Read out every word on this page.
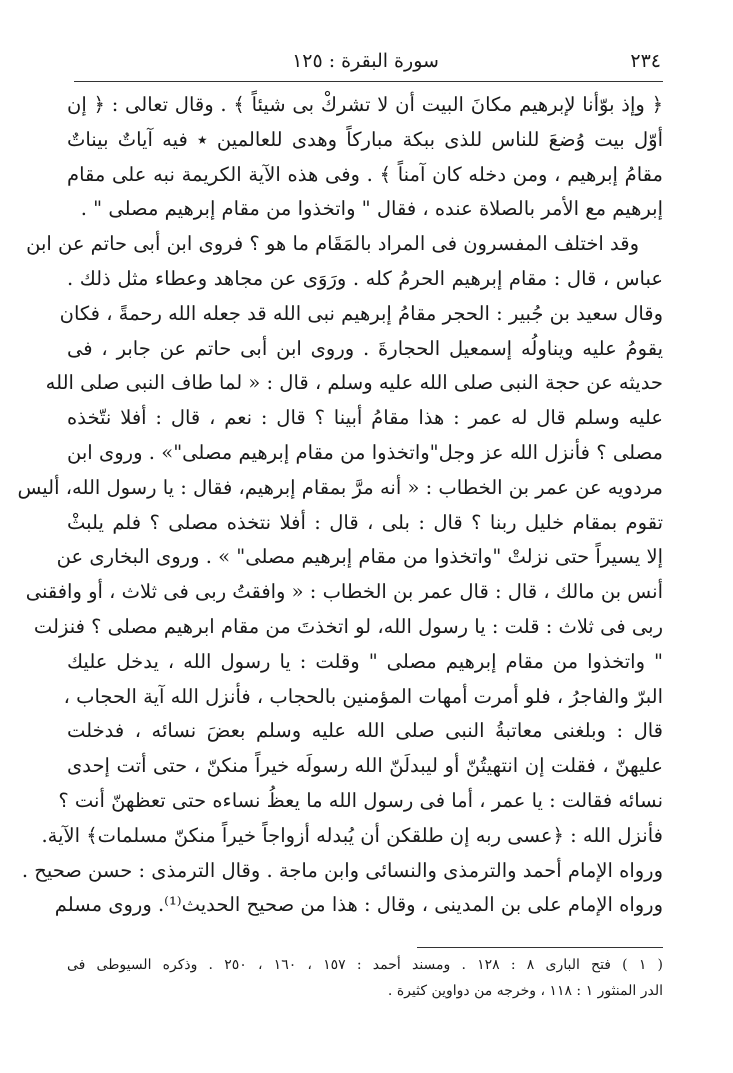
٢٣٤
سورة البقرة : ١٢٥
﴿ وإذ بوّأنا لإبرهيم مكانَ البيت أن لا تشركْ بى شيئاً ﴾ . وقال تعالى : ﴿ إن
أوّل بيت وُضعَ للناس للذى ببكة مباركاً وهدى للعالمين ٭ فيه آياتٌ بيناتٌ
مقامُ إبرهيم ، ومن دخله كان آمناً ﴾ . وفى هذه الآية الكريمة نبه على مقام
إبرهيم مع الأمر بالصلاة عنده ، فقال " واتخذوا من مقام إبرهيم مصلى " .
وقد اختلف المفسرون فى المراد بالمَقَام ما هو ؟ فروى ابن أبى حاتم عن ابن
عباس ، قال : مقام إبرهيم الحرمُ كله . ورَوَى عن مجاهد وعطاء مثل ذلك .
وقال سعيد بن جُبير : الحجر مقامُ إبرهيم نبى الله قد جعله الله رحمةً ، فكان
يقومُ عليه ويناولُه إسمعيل الحجارةَ . وروى ابن أبى حاتم عن جابر ، فى
حديثه عن حجة النبى صلى الله عليه وسلم ، قال : « لما طاف النبى صلى الله
عليه وسلم قال له عمر : هذا مقامُ أبينا ؟ قال : نعم ، قال : أفلا نتّخذه
مصلى ؟ فأنزل الله عز وجل"واتخذوا من مقام إبرهيم مصلى"» . وروى ابن
مردويه عن عمر بن الخطاب : « أنه مرَّ بمقام إبرهيم، فقال : يا رسول الله، أليس
تقوم بمقام خليل ربنا ؟ قال : بلى ، قال : أفلا نتخذه مصلى ؟ فلم يلبثْ
إلا يسيراً حتى نزلتْ "واتخذوا من مقام إبرهيم مصلى" » . وروى البخارى عن
أنس بن مالك ، قال : قال عمر بن الخطاب : « وافقتُ ربى فى ثلاث ، أو وافقنى
ربى فى ثلاث : قلت : يا رسول الله، لو اتخذتَ من مقام ابرهيم مصلى ؟ فنزلت
" واتخذوا من مقام إبرهيم مصلى " وقلت : يا رسول الله ، يدخل عليك
البرّ والفاجرُ ، فلو أمرت أمهات المؤمنين بالحجاب ، فأنزل الله آية الحجاب ،
قال : وبلغنى معاتبةُ النبى صلى الله عليه وسلم بعضَ نسائه ، فدخلت
عليهنّ ، فقلت إن انتهيتُنّ أو ليبدلَنّ الله رسولَه خيراً منكنّ ، حتى أتت إحدى
نسائه فقالت : يا عمر ، أما فى رسول الله ما يعظُ نساءه حتى تعظهنّ أنت ؟
فأنزل الله : ﴿عسى ربه إن طلقكن أن يُبدله أزواجاً خيراً منكنّ مسلمات﴾ الآية.
ورواه الإمام أحمد والترمذى والنسائى وابن ماجة . وقال الترمذى : حسن صحيح .
ورواه الإمام على بن المدينى ، وقال : هذا من صحيح الحديث⁽¹⁾. وروى مسلم
( ١ ) فتح البارى ٨ : ١٢٨ . ومسند أحمد : ١٥٧ ، ١٦٠ ، ٢٥٠ . وذكره السيوطى فى
الدر المنثور ١ : ١١٨ ، وخرجه من دواوين كثيرة .
